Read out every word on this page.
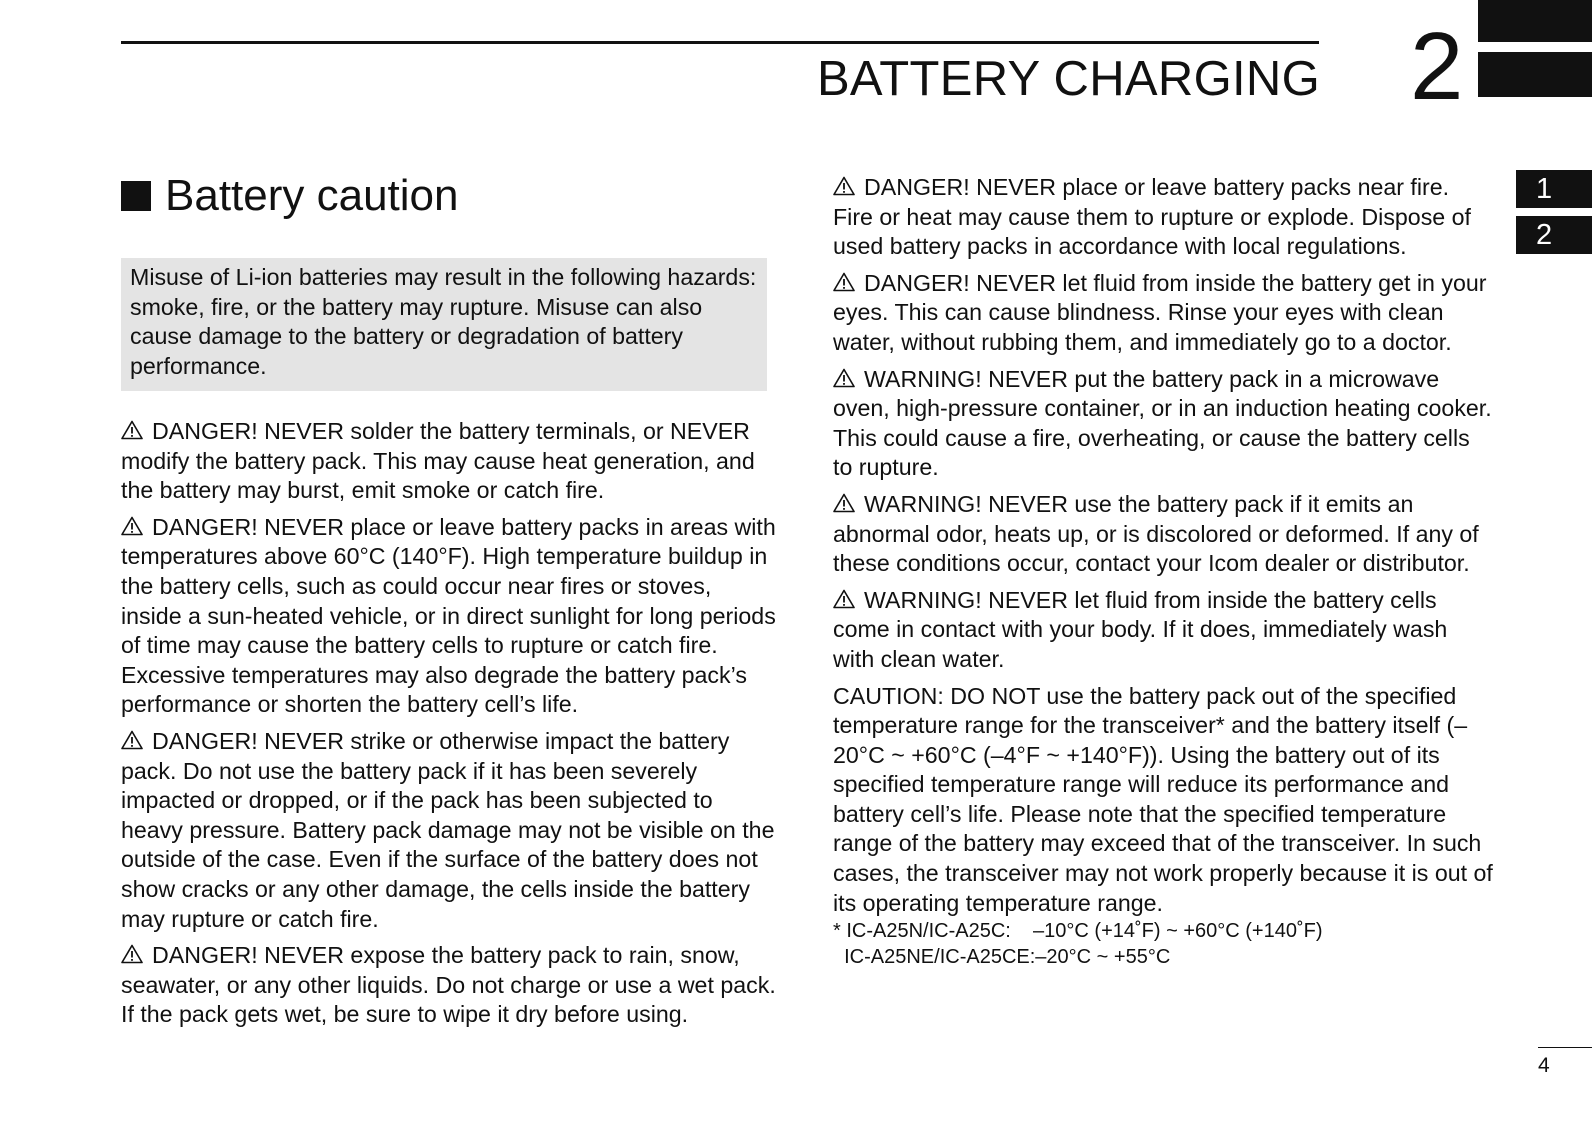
BATTERY CHARGING 2
1
2
Battery caution
Misuse of Li-ion batteries may result in the following hazards: smoke, fire, or the battery may rupture. Misuse can also cause damage to the battery or degradation of battery performance.

DANGER! NEVER solder the battery terminals, or NEVER modify the battery pack. This may cause heat generation, and the battery may burst, emit smoke or catch fire.

DANGER! NEVER place or leave battery packs in areas with temperatures above 60°C (140°F). High temperature buildup in the battery cells, such as could occur near fires or stoves, inside a sun-heated vehicle, or in direct sunlight for long periods of time may cause the battery cells to rupture or catch fire. Excessive temperatures may also degrade the battery pack’s performance or shorten the battery cell’s life.

DANGER! NEVER strike or otherwise impact the battery pack. Do not use the battery pack if it has been severely impacted or dropped, or if the pack has been subjected to heavy pressure. Battery pack damage may not be visible on the outside of the case. Even if the surface of the battery does not show cracks or any other damage, the cells inside the battery may rupture or catch fire.

DANGER! NEVER expose the battery pack to rain, snow, seawater, or any other liquids. Do not charge or use a wet pack. If the pack gets wet, be sure to wipe it dry before using.

DANGER! NEVER place or leave battery packs near fire. Fire or heat may cause them to rupture or explode. Dispose of used battery packs in accordance with local regulations.

DANGER! NEVER let fluid from inside the battery get in your eyes. This can cause blindness. Rinse your eyes with clean water, without rubbing them, and immediately go to a doctor.

WARNING! NEVER put the battery pack in a microwave oven, high-pressure container, or in an induction heating cooker. This could cause a fire, overheating, or cause the battery cells to rupture.

WARNING! NEVER use the battery pack if it emits an abnormal odor, heats up, or is discolored or deformed. If any of these conditions occur, contact your Icom dealer or distributor.

WARNING! NEVER let fluid from inside the battery cells come in contact with your body. If it does, immediately wash with clean water.

CAUTION: DO NOT use the battery pack out of the specified temperature range for the transceiver* and the battery itself (–20°C ~ +60°C (–4°F ~ +140°F)). Using the battery out of its specified temperature range will reduce its performance and battery cell’s life. Please note that the specified temperature range of the battery may exceed that of the transceiver. In such cases, the transceiver may not work properly because it is out of its operating temperature range.

* IC-A25N/IC-A25C:    –10°C (+14˚F) ~ +60°C (+140˚F)
IC-A25NE/IC-A25CE:–20°C ~ +55°C
4
